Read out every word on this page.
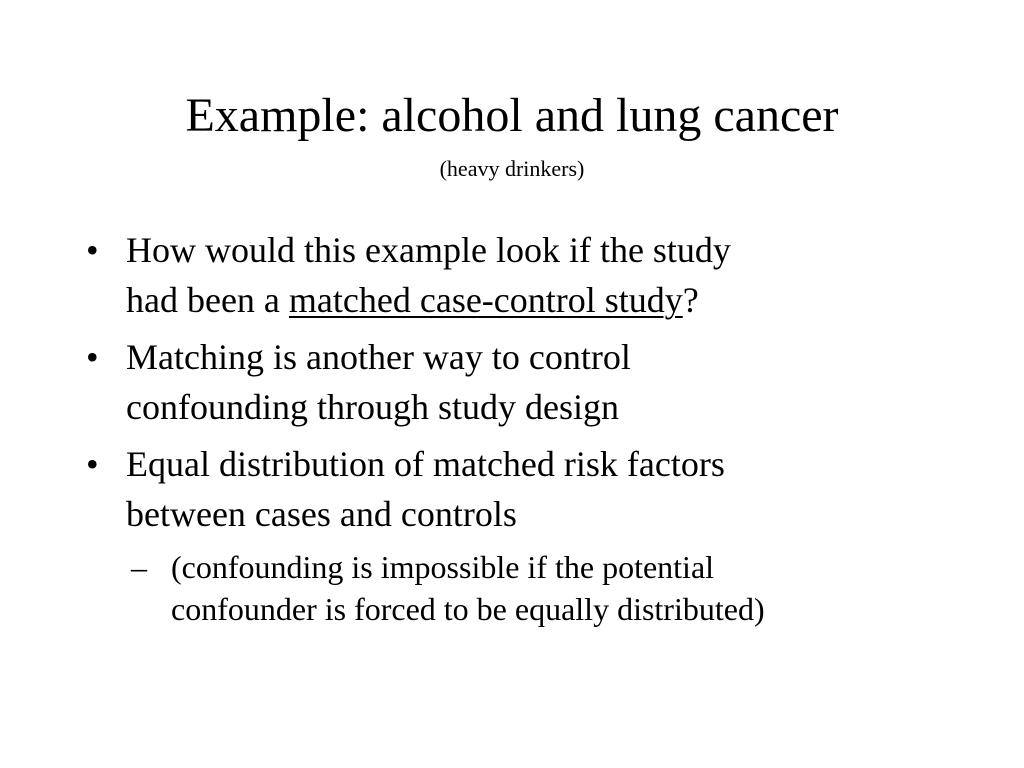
Example: alcohol and lung cancer
(heavy drinkers)
• How would this example look if the study
had been a matched case-control study?
• Matching is another way to control
confounding through study design
• Equal distribution of matched risk factors
between cases and controls
– (confounding is impossible if the potential
confounder is forced to be equally distributed)
